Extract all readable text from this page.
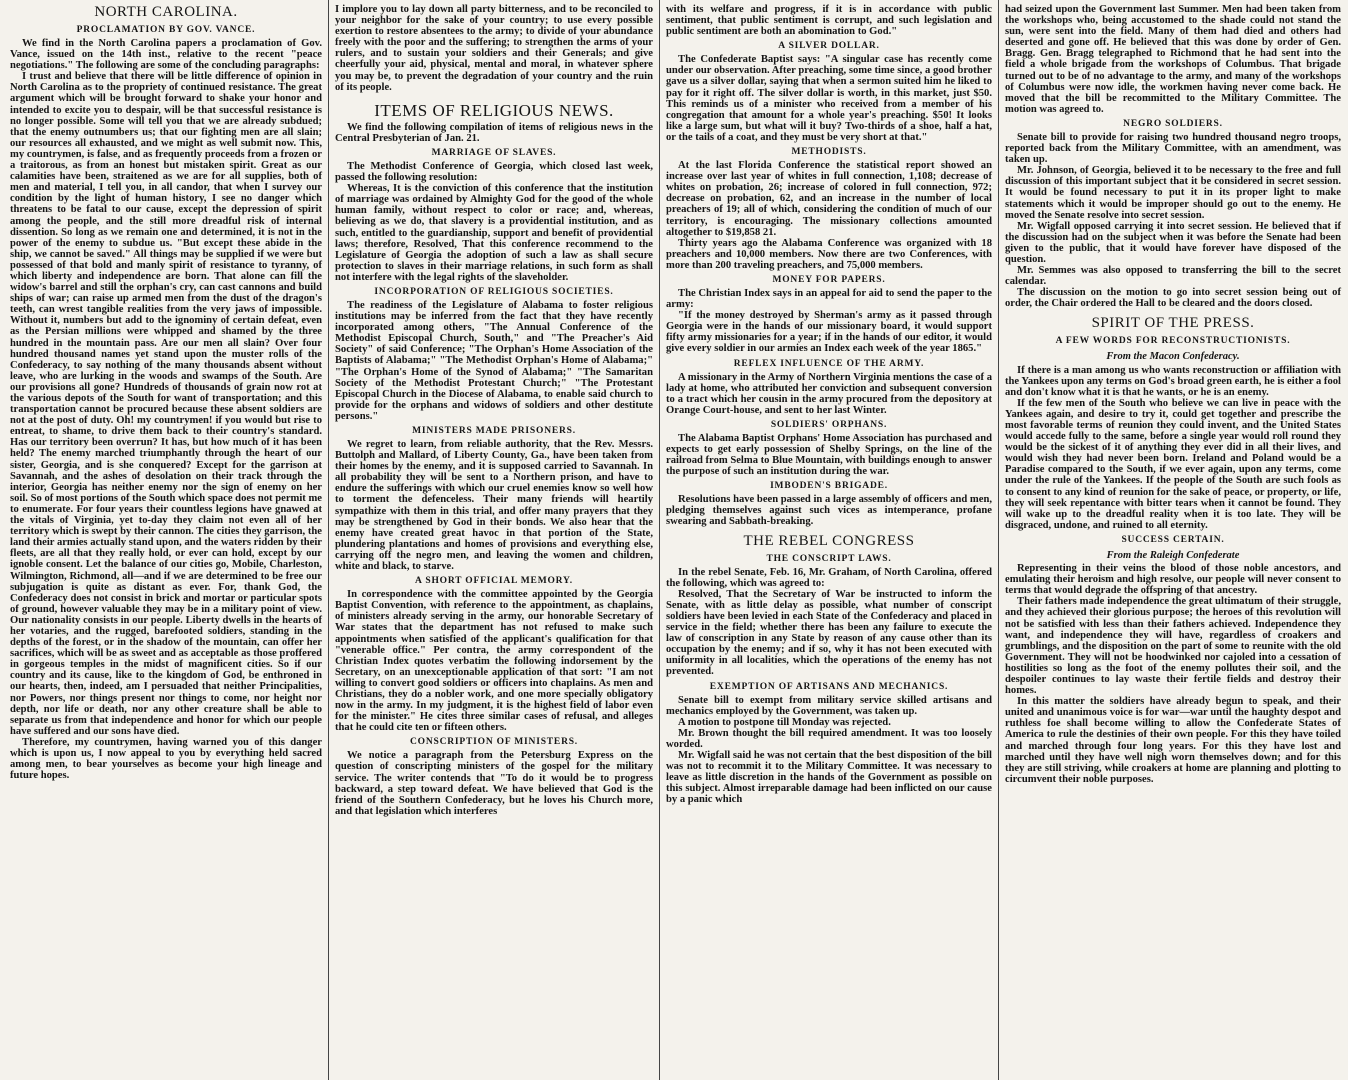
NORTH CAROLINA.
PROCLAMATION BY GOV. VANCE.

We find in the North Carolina papers a proclamation of Gov. Vance, issued on the 14th inst., relative to the recent "peace negotiations." The following are some of the concluding paragraphs:

I trust and believe that there will be little difference of opinion in North Carolina as to the propriety of continued resistance. The great argument which will be brought forward to shake your honor and intended to excite you to despair, will be that successful resistance is no longer possible. Some will tell you that we are already subdued; that the enemy outnumbers us; that our fighting men are all slain; our resources all exhausted, and we might as well submit now. This, my countrymen, is false, and as frequently proceeds from a frozen or a traitorous, as from an honest but mistaken spirit. Great as our calamities have been, straitened as we are for all supplies, both of men and material, I tell you, in all candor, that when I survey our condition by the light of human history, I see no danger which threatens to be fatal to our cause, except the depression of spirit among the people, and the still more dreadful risk of internal dissention. So long as we remain one and determined, it is not in the power of the enemy to subdue us. "But except these abide in the ship, we cannot be saved." All things may be supplied if we were but possessed of that bold and manly spirit of resistance to tyranny, of which liberty and independence are born. That alone can fill the widow's barrel and still the orphan's cry, can cast cannons and build ships of war; can raise up armed men from the dust of the dragon's teeth, can wrest tangible realities from the very jaws of impossible. Without it, numbers but add to the ignominy of certain defeat, even as the Persian millions were whipped and shamed by the three hundred in the mountain pass. Are our men all slain? Over four hundred thousand names yet stand upon the muster rolls of the Confederacy, to say nothing of the many thousands absent without leave, who are lurking in the woods and swamps of the South. Are our provisions all gone? Hundreds of thousands of grain now rot at the various depots of the South for want of transportation; and this transportation cannot be procured because these absent soldiers are not at the post of duty. Oh! my countrymen! if you would but rise to entreat, to shame, to drive them back to their country's standard. Has our territory been overrun? It has, but how much of it has been held? The enemy marched triumphantly through the heart of our sister, Georgia, and is she conquered? Except for the garrison at Savannah, and the ashes of desolation on their track through the interior, Georgia has neither enemy nor the sign of enemy on her soil. So of most portions of the South which space does not permit me to enumerate. For four years their countless legions have gnawed at the vitals of Virginia, yet to-day they claim not even all of her territory which is swept by their cannon. The cities they garrison, the land their armies actually stand upon, and the waters ridden by their fleets, are all that they really hold, or ever can hold, except by our ignoble consent. Let the balance of our cities go, Mobile, Charleston, Wilmington, Richmond, all—and if we are determined to be free our subjugation is quite as distant as ever. For, thank God, the Confederacy does not consist in brick and mortar or particular spots of ground, however valuable they may be in a military point of view. Our nationality consists in our people. Liberty dwells in the hearts of her votaries, and the rugged, barefooted soldiers, standing in the depths of the forest, or in the shadow of the mountain, can offer her sacrifices, which will be as sweet and as acceptable as those proffered in gorgeous temples in the midst of magnificent cities. So if our country and its cause, like to the kingdom of God, be enthroned in our hearts, then, indeed, am I persuaded that neither Principalities, nor Powers, nor things present nor things to come, nor height nor depth, nor life or death, nor any other creature shall be able to separate us from that independence and honor for which our people have suffered and our sons have died.

Therefore, my countrymen, having warned you of this danger which is upon us, I now appeal to you by everything held sacred among men, to bear yourselves as become your high lineage and future hopes.

I implore you to lay down all party bitterness, and to be reconciled to your neighbor for the sake of your country; to use every possible exertion to restore absentees to the army; to divide of your abundance freely with the poor and the suffering; to strengthen the arms of your rulers, and to sustain your soldiers and their Generals; and give cheerfully your aid, physical, mental and moral, in whatever sphere you may be, to prevent the degradation of your country and the ruin of its people.

ITEMS OF RELIGIOUS NEWS.

We find the following compilation of items of religious news in the Central Presbyterian of Jan. 21.

MARRIAGE OF SLAVES.

The Methodist Conference of Georgia, which closed last week, passed the following resolution:

Whereas, It is the conviction of this conference that the institution of marriage was ordained by Almighty God for the good of the whole human family, without respect to color or race; and, whereas, believing as we do, that slavery is a providential institution, and as such, entitled to the guardianship, support and benefit of providential laws; therefore, Resolved, That this conference recommend to the Legislature of Georgia the adoption of such a law as shall secure protection to slaves in their marriage relations, in such form as shall not interfere with the legal rights of the slaveholder.

INCORPORATION OF RELIGIOUS SOCIETIES.

The readiness of the Legislature of Alabama to foster religious institutions may be inferred from the fact that they have recently incorporated among others, "The Annual Conference of the Methodist Episcopal Church, South," and "The Preacher's Aid Society" of said Conference; "The Orphan's Home Association of the Baptists of Alabama;" "The Methodist Orphan's Home of Alabama;" "The Orphan's Home of the Synod of Alabama;" "The Samaritan Society of the Methodist Protestant Church;" "The Protestant Episcopal Church in the Diocese of Alabama, to enable said church to provide for the orphans and widows of soldiers and other destitute persons."

MINISTERS MADE PRISONERS.

We regret to learn, from reliable authority, that the Rev. Messrs. Buttolph and Mallard, of Liberty County, Ga., have been taken from their homes by the enemy, and it is supposed carried to Savannah. In all probability they will be sent to a Northern prison, and have to endure the sufferings with which our cruel enemies know so well how to torment the defenceless. Their many friends will heartily sympathize with them in this trial, and offer many prayers that they may be strengthened by God in their bonds. We also hear that the enemy have created great havoc in that portion of the State, plundering plantations and homes of provisions and everything else, carrying off the negro men, and leaving the women and children, white and black, to starve.

A SHORT OFFICIAL MEMORY.

In correspondence with the committee appointed by the Georgia Baptist Convention, with reference to the appointment, as chaplains, of ministers already serving in the army, our honorable Secretary of War states that the department has not refused to make such appointments when satisfied of the applicant's qualification for that "venerable office." Per contra, the army correspondent of the Christian Index quotes verbatim the following indorsement by the Secretary, on an unexceptionable application of that sort: "I am not willing to convert good soldiers or officers into chaplains. As men and Christians, they do a nobler work, and one more specially obligatory now in the army. In my judgment, it is the highest field of labor even for the minister." He cites three similar cases of refusal, and alleges that he could cite ten or fifteen others.

CONSCRIPTION OF MINISTERS.

We notice a paragraph from the Petersburg Express on the question of conscripting ministers of the gospel for the military service. The writer contends that "To do it would be to progress backward, a step toward defeat. We have believed that God is the friend of the Southern Confederacy, but he loves his Church more, and that legislation which interferes

with its welfare and progress, if it is in accordance with public sentiment, that public sentiment is corrupt, and such legislation and public sentiment are both an abomination to God."

A SILVER DOLLAR.

The Confederate Baptist says: "A singular case has recently come under our observation. After preaching, some time since, a good brother gave us a silver dollar, saying that when a sermon suited him he liked to pay for it right off. The silver dollar is worth, in this market, just $50. This reminds us of a minister who received from a member of his congregation that amount for a whole year's preaching. $50! It looks like a large sum, but what will it buy? Two-thirds of a shoe, half a hat, or the tails of a coat, and they must be very short at that."

METHODISTS.

At the last Florida Conference the statistical report showed an increase over last year of whites in full connection, 1,108; decrease of whites on probation, 26; increase of colored in full connection, 972; decrease on probation, 62, and an increase in the number of local preachers of 19; all of which, considering the condition of much of our territory, is encouraging. The missionary collections amounted altogether to $19,858 21.

Thirty years ago the Alabama Conference was organized with 18 preachers and 10,000 members. Now there are two Conferences, with more than 200 traveling preachers, and 75,000 members.

MONEY FOR PAPERS.

The Christian Index says in an appeal for aid to send the paper to the army:

"If the money destroyed by Sherman's army as it passed through Georgia were in the hands of our missionary board, it would support fifty army missionaries for a year; if in the hands of our editor, it would give every soldier in our armies an Index each week of the year 1865."

REFLEX INFLUENCE OF THE ARMY.

A missionary in the Army of Northern Virginia mentions the case of a lady at home, who attributed her conviction and subsequent conversion to a tract which her cousin in the army procured from the depository at Orange Court-house, and sent to her last Winter.

SOLDIERS' ORPHANS.

The Alabama Baptist Orphans' Home Association has purchased and expects to get early possession of Shelby Springs, on the line of the railroad from Selma to Blue Mountain, with buildings enough to answer the purpose of such an institution during the war.

IMBODEN'S BRIGADE.

Resolutions have been passed in a large assembly of officers and men, pledging themselves against such vices as intemperance, profane swearing and Sabbath-breaking.

THE REBEL CONGRESS
THE CONSCRIPT LAWS.

In the rebel Senate, Feb. 16, Mr. Graham, of North Carolina, offered the following, which was agreed to:

Resolved, That the Secretary of War be instructed to inform the Senate, with as little delay as possible, what number of conscript soldiers have been levied in each State of the Confederacy and placed in service in the field; whether there has been any failure to execute the law of conscription in any State by reason of any cause other than its occupation by the enemy; and if so, why it has not been executed with uniformity in all localities, which the operations of the enemy has not prevented.

EXEMPTION OF ARTISANS AND MECHANICS.

Senate bill to exempt from military service skilled artisans and mechanics employed by the Government, was taken up.

A motion to postpone till Monday was rejected.

Mr. Brown thought the bill required amendment. It was too loosely worded.

Mr. Wigfall said he was not certain that the best disposition of the bill was not to recommit it to the Military Committee. It was necessary to leave as little discretion in the hands of the Government as possible on this subject. Almost irreparable damage had been inflicted on our cause by a panic which

had seized upon the Government last Summer. Men had been taken from the workshops who, being accustomed to the shade could not stand the sun, were sent into the field. Many of them had died and others had deserted and gone off. He believed that this was done by order of Gen. Bragg. Gen. Bragg telegraphed to Richmond that he had sent into the field a whole brigade from the workshops of Columbus. That brigade turned out to be of no advantage to the army, and many of the workshops of Columbus were now idle, the workmen having never come back. He moved that the bill be recommitted to the Military Committee. The motion was agreed to.

NEGRO SOLDIERS.

Senate bill to provide for raising two hundred thousand negro troops, reported back from the Military Committee, with an amendment, was taken up.

Mr. Johnson, of Georgia, believed it to be necessary to the free and full discussion of this important subject that it be considered in secret session. It would be found necessary to put it in its proper light to make statements which it would be improper should go out to the enemy. He moved the Senate resolve into secret session.

Mr. Wigfall opposed carrying it into secret session. He believed that if the discussion had on the subject when it was before the Senate had been given to the public, that it would have forever have disposed of the question.

Mr. Semmes was also opposed to transferring the bill to the secret calendar.

The discussion on the motion to go into secret session being out of order, the Chair ordered the Hall to be cleared and the doors closed.

SPIRIT OF THE PRESS.
A FEW WORDS FOR RECONSTRUCTIONISTS.
From the Macon Confederacy.

If there is a man among us who wants reconstruction or affiliation with the Yankees upon any terms on God's broad green earth, he is either a fool and don't know what it is that he wants, or he is an enemy.

If the few men of the South who believe we can live in peace with the Yankees again, and desire to try it, could get together and prescribe the most favorable terms of reunion they could invent, and the United States would accede fully to the same, before a single year would roll round they would be the sickest of it of anything they ever did in all their lives, and would wish they had never been born. Ireland and Poland would be a Paradise compared to the South, if we ever again, upon any terms, come under the rule of the Yankees. If the people of the South are such fools as to consent to any kind of reunion for the sake of peace, or property, or life, they will seek repentance with bitter tears when it cannot be found. They will wake up to the dreadful reality when it is too late. They will be disgraced, undone, and ruined to all eternity.

SUCCESS CERTAIN.
From the Raleigh Confederate

Representing in their veins the blood of those noble ancestors, and emulating their heroism and high resolve, our people will never consent to terms that would degrade the offspring of that ancestry.

Their fathers made independence the great ultimatum of their struggle, and they achieved their glorious purpose; the heroes of this revolution will not be satisfied with less than their fathers achieved. Independence they want, and independence they will have, regardless of croakers and grumblings, and the disposition on the part of some to reunite with the old Government. They will not be hoodwinked nor cajoled into a cessation of hostilities so long as the foot of the enemy pollutes their soil, and the despoiler continues to lay waste their fertile fields and destroy their homes.

In this matter the soldiers have already begun to speak, and their united and unanimous voice is for war—war until the haughty despot and ruthless foe shall become willing to allow the Confederate States of America to rule the destinies of their own people. For this they have toiled and marched through four long years. For this they have lost and marched until they have well nigh worn themselves down; and for this they are still striving, while croakers at home are planning and plotting to circumvent their noble purposes.
